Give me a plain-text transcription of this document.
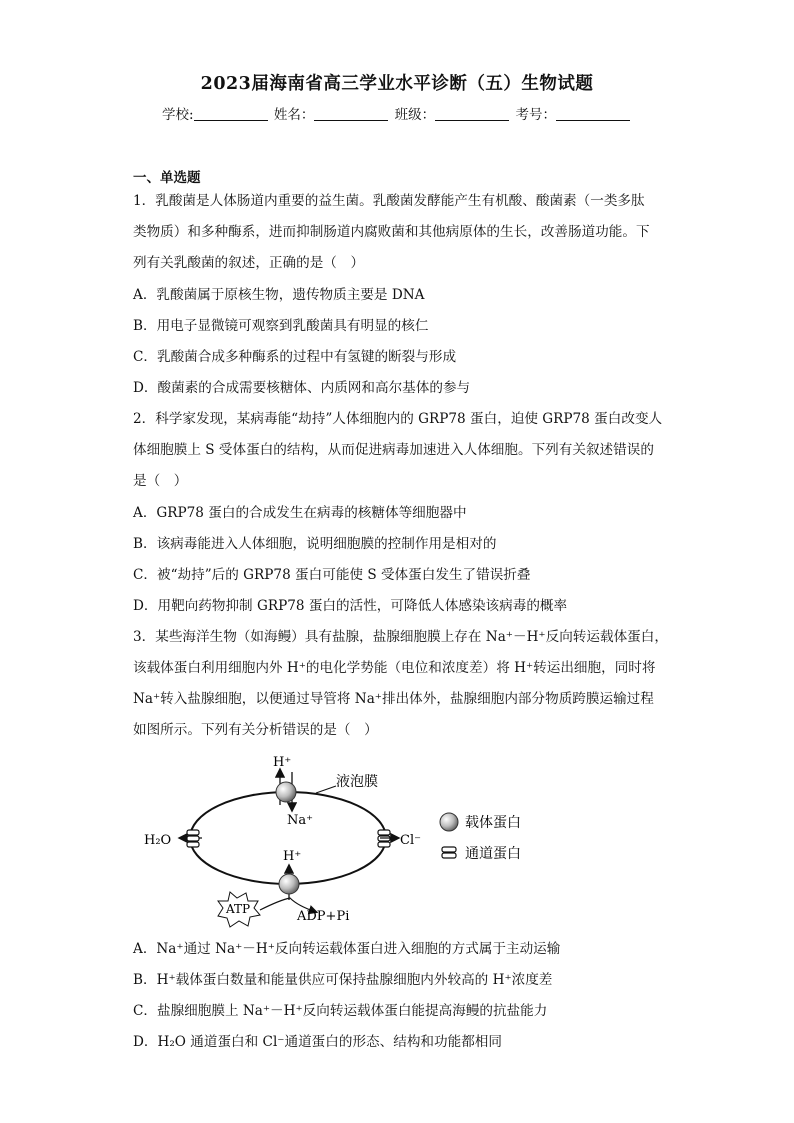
2023届海南省高三学业水平诊断（五）生物试题
学校:	姓名：	班级：	考号：
一、单选题
1．乳酸菌是人体肠道内重要的益生菌。乳酸菌发酵能产生有机酸、酸菌素（一类多肽
类物质）和多种酶系，进而抑制肠道内腐败菌和其他病原体的生长，改善肠道功能。下
列有关乳酸菌的叙述，正确的是（　）
A．乳酸菌属于原核生物，遗传物质主要是 DNA
B．用电子显微镜可观察到乳酸菌具有明显的核仁
C．乳酸菌合成多种酶系的过程中有氢键的断裂与形成
D．酸菌素的合成需要核糖体、内质网和高尔基体的参与
2．科学家发现，某病毒能“劫持”人体细胞内的 GRP78 蛋白，迫使 GRP78 蛋白改变人
体细胞膜上 S 受体蛋白的结构，从而促进病毒加速进入人体细胞。下列有关叙述错误的
是（　）
A．GRP78 蛋白的合成发生在病毒的核糖体等细胞器中
B．该病毒能进入人体细胞，说明细胞膜的控制作用是相对的
C．被“劫持”后的 GRP78 蛋白可能使 S 受体蛋白发生了错误折叠
D．用靶向药物抑制 GRP78 蛋白的活性，可降低人体感染该病毒的概率
3．某些海洋生物（如海鳗）具有盐腺，盐腺细胞膜上存在 Na⁺－H⁺反向转运载体蛋白，
该载体蛋白利用细胞内外 H⁺的电化学势能（电位和浓度差）将 H⁺转运出细胞，同时将
Na⁺转入盐腺细胞，以便通过导管将 Na⁺排出体外，盐腺细胞内部分物质跨膜运输过程
如图所示。下列有关分析错误的是（　）
液泡膜
H⁺
Na⁺
H₂O	Cl⁻
H⁺
ATP	ADP+Pi
载体蛋白
通道蛋白
A．Na⁺通过 Na⁺－H⁺反向转运载体蛋白进入细胞的方式属于主动运输
B．H⁺载体蛋白数量和能量供应可保持盐腺细胞内外较高的 H⁺浓度差
C．盐腺细胞膜上 Na⁺－H⁺反向转运载体蛋白能提高海鳗的抗盐能力
D．H₂O 通道蛋白和 Cl⁻通道蛋白的形态、结构和功能都相同
